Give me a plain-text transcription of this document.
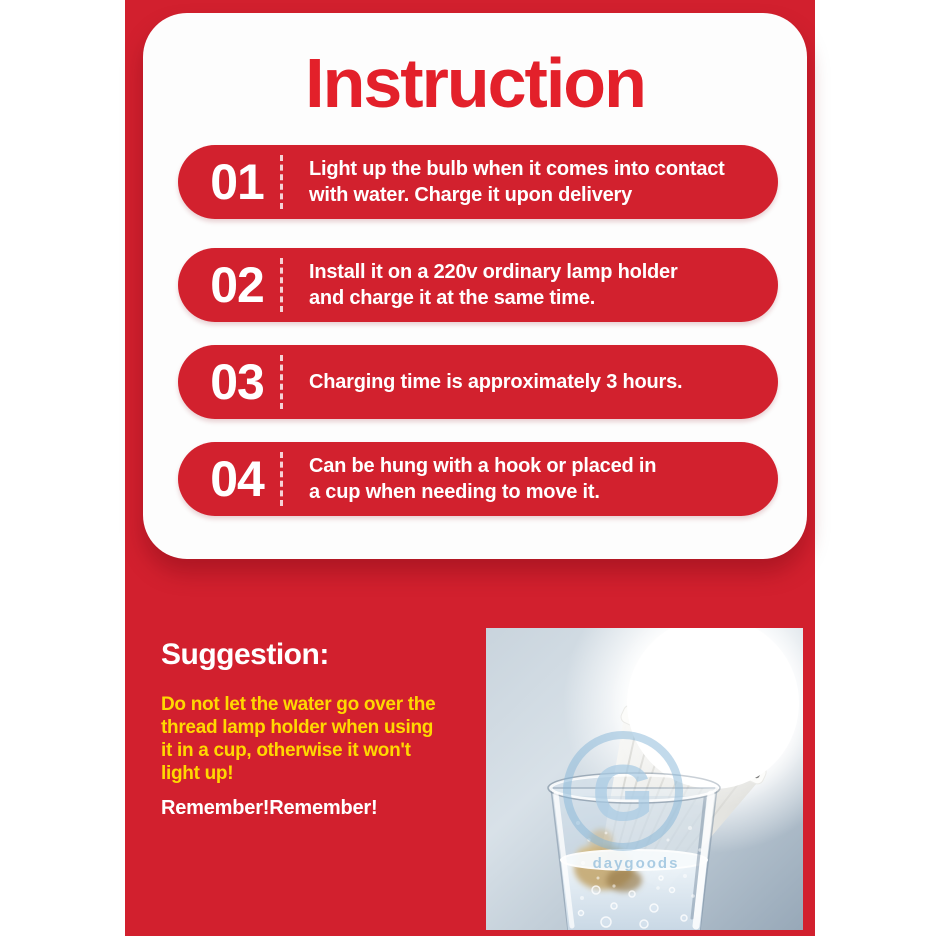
Instruction
01	Light up the bulb when it comes into contact
with water. Charge it upon delivery
02	Install it on a 220v ordinary lamp holder
and charge it at the same time.
03	Charging time is approximately 3 hours.
04	Can be hung with a hook or placed in
a cup when needing to move it.
Suggestion:
Do not let the water go over the
thread lamp holder when using
it in a cup, otherwise it won't
light up!
Remember!Remember!	G
daygoods
